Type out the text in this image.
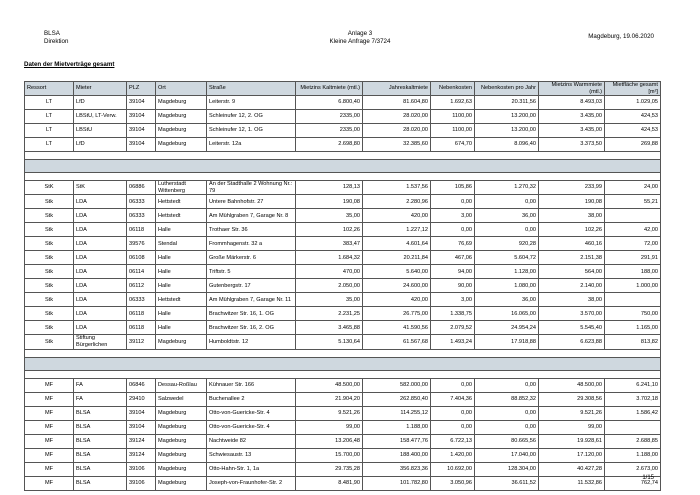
BLSA
Direktion
Anlage 3
Kleine Anfrage 7/3724
Magdeburg, 19.06.2020
Daten der Mietverträge gesamt
Ressort	Mieter	PLZ	Ort	Straße	Mietzins Kaltmiete (mtl.)	Jahreskaltmiete	Nebenkosten	Nebenkosten pro Jahr	Mietzins Warmmiete (mtl.)	Mietfläche gesamt [m²]
LT	LfD	39104	Magdeburg	Leiterstr. 9	6.800,40	81.604,80	1.692,63	20.311,56	8.493,03	1.029,05
LT	LBStU, LT-Verw.	39104	Magdeburg	Schleinufer 12, 2. OG	2335,00	28.020,00	1100,00	13.200,00	3.435,00	424,53
LT	LBStU	39104	Magdeburg	Schleinufer 12, 1. OG	2335,00	28.020,00	1100,00	13.200,00	3.435,00	424,53
LT	LfD	39104	Magdeburg	Leiterstr. 12a	2.698,80	32.385,60	674,70	8.096,40	3.373,50	269,88

StK	StK	06886	Lutherstadt Wittenberg	An der Stadthalle 2 Wohnung Nr.: 79	128,13	1.537,56	105,86	1.270,32	233,99	24,00
Stk	LDA	06333	Hettstedt	Untere Bahnhofstr. 27	190,08	2.280,96	0,00	0,00	190,08	55,21
Stk	LDA	06333	Hettstedt	Am Mühlgraben 7, Garage Nr. 8	35,00	420,00	3,00	36,00	38,00	
Stk	LDA	06118	Halle	Trothaer Str. 36	102,26	1.227,12	0,00	0,00	102,26	42,00
Stk	LDA	39576	Stendal	Frommhagenstr. 32 a	383,47	4.601,64	76,69	920,28	460,16	72,00
Stk	LDA	06108	Halle	Große Märkerstr. 6	1.684,32	20.211,84	467,06	5.604,72	2.151,38	291,91
Stk	LDA	06114	Halle	Triftstr. 5	470,00	5.640,00	94,00	1.128,00	564,00	188,00
Stk	LDA	06112	Halle	Gutenbergstr. 17	2.050,00	24.600,00	90,00	1.080,00	2.140,00	1.000,00
Stk	LDA	06333	Hettstedt	Am Mühlgraben 7, Garage Nr. 11	35,00	420,00	3,00	36,00	38,00	
Stk	LDA	06118	Halle	Brachwitzer Str. 16, 1. OG	2.231,25	26.775,00	1.338,75	16.065,00	3.570,00	750,00
Stk	LDA	06118	Halle	Brachwitzer Str. 16, 2. OG	3.465,88	41.590,56	2.079,52	24.954,24	5.545,40	1.165,00
Stk	Stiftung Bürgerlichen	39112	Magdeburg	Humboldtstr. 12	5.130,64	61.567,68	1.493,24	17.918,88	6.623,88	813,82

MF	FA	06846	Dessau-Roßlau	Kühnauer Str. 166	48.500,00	582.000,00	0,00	0,00	48.500,00	6.241,10
MF	FA	29410	Salzwedel	Buchenallee 2	21.904,20	262.850,40	7.404,36	88.852,32	29.308,56	3.702,18
MF	BLSA	39104	Magdeburg	Otto-von-Guericke-Str. 4	9.521,26	114.255,12	0,00	0,00	9.521,26	1.586,42
MF	BLSA	39104	Magdeburg	Otto-von-Guericke-Str. 4	99,00	1.188,00	0,00	0,00	99,00	
MF	BLSA	39124	Magdeburg	Nachtweide 82	13.206,48	158.477,76	6.722,13	80.665,56	19.928,61	2.688,85
MF	BLSA	39124	Magdeburg	Schwiesaustr. 13	15.700,00	188.400,00	1.420,00	17.040,00	17.120,00	1.188,00
MF	BLSA	39106	Magdeburg	Otto-Hahn-Str. 1, 1a	29.735,28	356.823,36	10.692,00	128.304,00	40.427,28	2.673,00
MF	BLSA	39106	Magdeburg	Joseph-von-Fraunhofer-Str. 2	8.481,90	101.782,80	3.050,96	36.611,52	11.532,86	762,74
1/15
